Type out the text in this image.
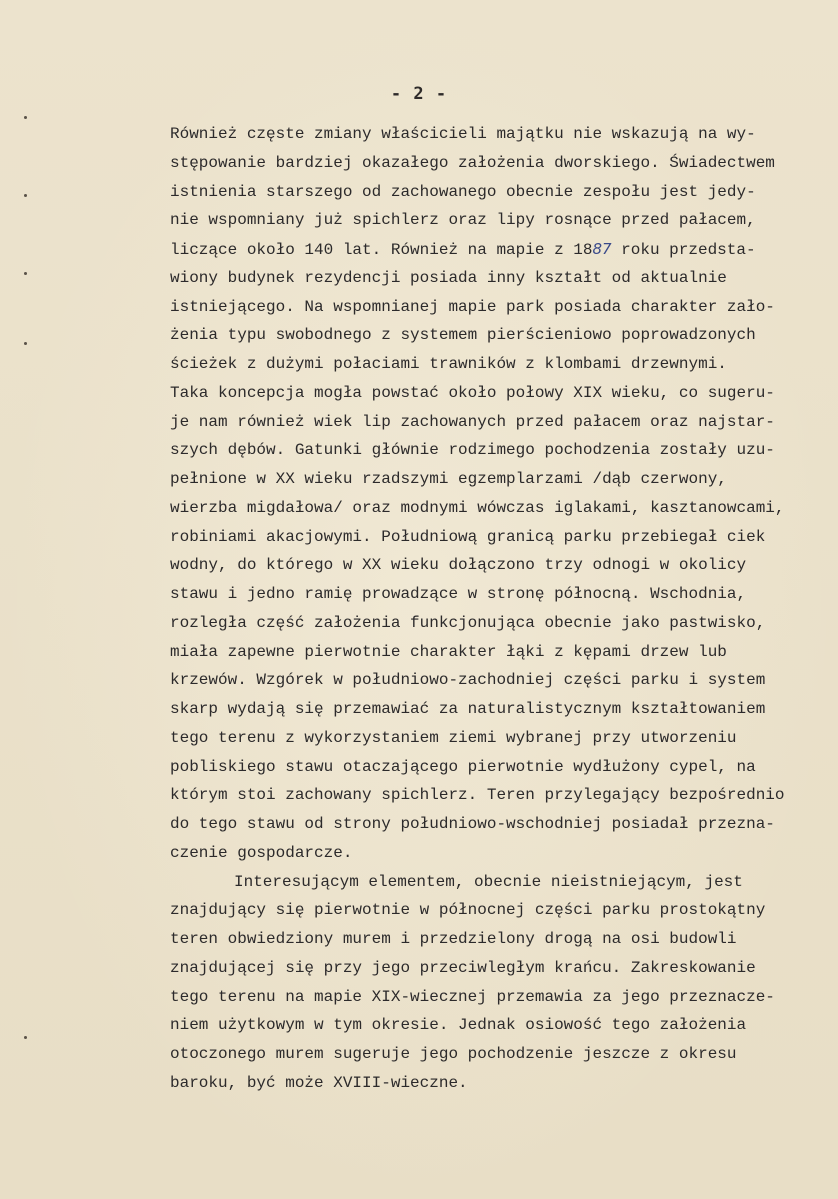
- 2 -
Również częste zmiany właścicieli majątku nie wskazują na wy-
stępowanie bardziej okazałego założenia dworskiego. Świadectwem
istnienia starszego od zachowanego obecnie zespołu jest jedy-
nie wspomniany już spichlerz oraz lipy rosnące przed pałacem,
liczące około 140 lat. Również na mapie z 1887 roku przedsta-
wiony budynek rezydencji posiada inny kształt od aktualnie
istniejącego. Na wspomnianej mapie park posiada charakter zało-
żenia typu swobodnego z systemem pierścieniowo poprowadzonych
ścieżek z dużymi połaciami trawników z klombami drzewnymi.
Taka koncepcja mogła powstać około połowy XIX wieku, co sugeru-
je nam również wiek lip zachowanych przed pałacem oraz najstar-
szych dębów. Gatunki głównie rodzimego pochodzenia zostały uzu-
pełnione w XX wieku rzadszymi egzemplarzami /dąb czerwony,
wierzba migdałowa/ oraz modnymi wówczas iglakami, kasztanowcami,
robiniami akacjowymi. Południową granicą parku przebiegał ciek
wodny, do którego w XX wieku dołączono trzy odnogi w okolicy
stawu i jedno ramię prowadzące w stronę północną. Wschodnia,
rozległa część założenia funkcjonująca obecnie jako pastwisko,
miała zapewne pierwotnie charakter łąki z kępami drzew lub
krzewów. Wzgórek w południowo-zachodniej części parku i system
skarp wydają się przemawiać za naturalistycznym kształtowaniem
tego terenu z wykorzystaniem ziemi wybranej przy utworzeniu
pobliskiego stawu otaczającego pierwotnie wydłużony cypel, na
którym stoi zachowany spichlerz. Teren przylegający bezpośrednio
do tego stawu od strony południowo-wschodniej posiadał przezna-
czenie gospodarcze.
Interesującym elementem, obecnie nieistniejącym, jest
znajdujący się pierwotnie w północnej części parku prostokątny
teren obwiedziony murem i przedzielony drogą na osi budowli
znajdującej się przy jego przeciwległym krańcu. Zakreskowanie
tego terenu na mapie XIX-wiecznej przemawia za jego przeznacze-
niem użytkowym w tym okresie. Jednak osiowość tego założenia
otoczonego murem sugeruje jego pochodzenie jeszcze z okresu
baroku, być może XVIII-wieczne.
